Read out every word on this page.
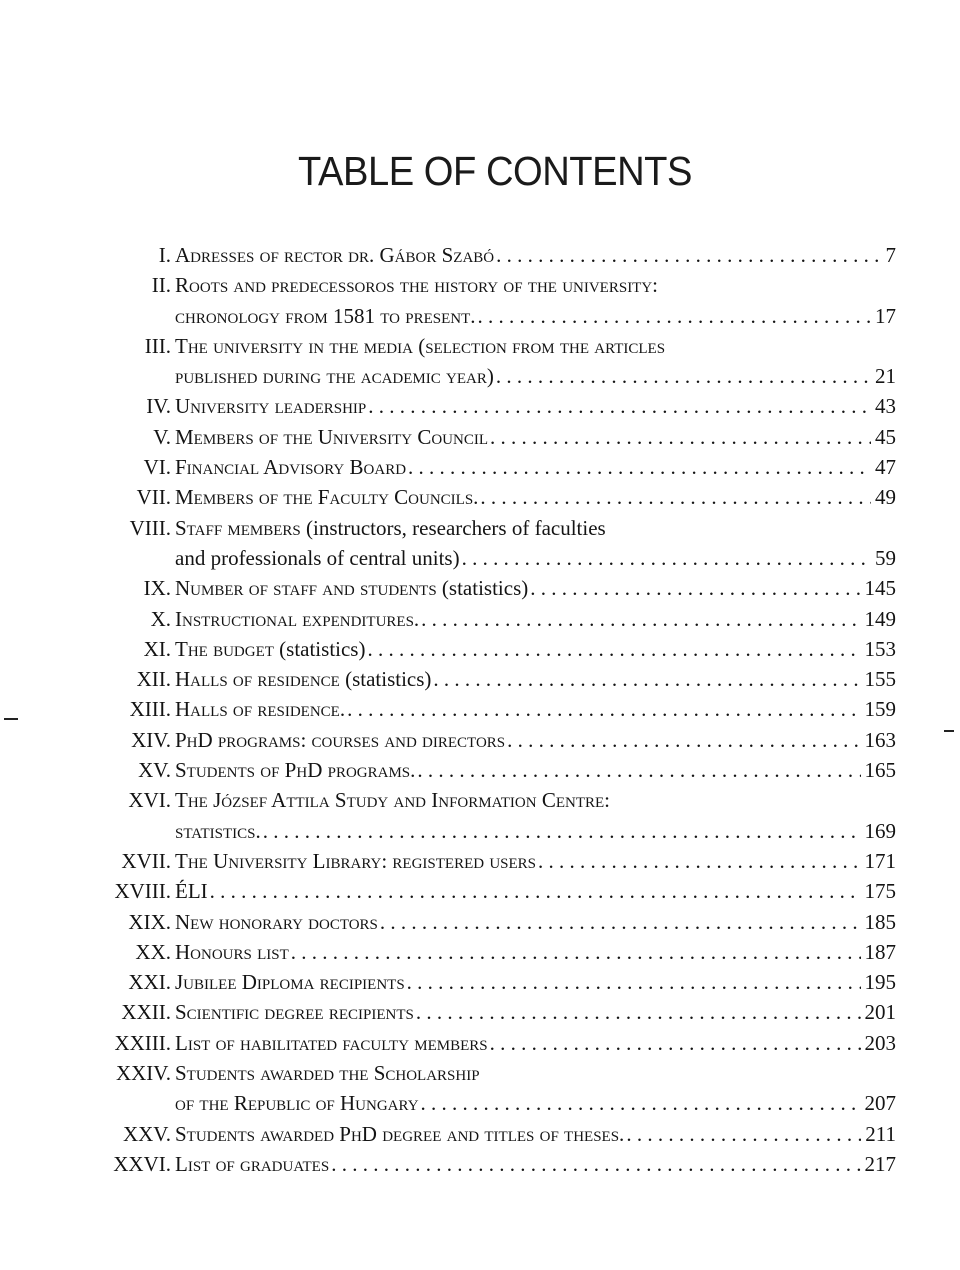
TABLE OF CONTENTS
I. Adresses of rector dr. Gábor Szabó . . .	7
II. Roots and predecessoros the history of the university:
chronology from 1581 to present. . . .	17
III. The university in the media (selection from the articles
published during the academic year) . . .	21
IV. University leadership . . .	43
V. Members of the University Council . . .	45
VI. Financial Advisory Board . . .	47
VII. Members of the Faculty Councils. . . .	49
VIII. Staff members (instructors, researchers of faculties
and professionals of central units) . . .	59
IX. Number of staff and students (statistics) . . .	145
X. Instructional expenditures. . . .	149
XI. The budget (statistics) . . .	153
XII. Halls of residence (statistics) . . .	155
XIII. Halls of residence. . . .	159
XIV. PhD programs: courses and directors . . .	163
XV. Students of PhD programs. . . .	165
XVI. The József Attila Study and Information Centre:
statistics. . . .	169
XVII. The University Library: registered users . . .	171
XVIII. ÉLI . . .	175
XIX. New honorary doctors . . .	185
XX. Honours list . . .	187
XXI. Jubilee Diploma recipients . . .	195
XXII. Scientific degree recipients . . .	201
XXIII. List of habilitated faculty members . . .	203
XXIV. Students awarded the Scholarship
of the Republic of Hungary . . .	207
XXV. Students awarded PhD degree and titles of theses. . . .	211
XXVI. List of graduates . . .	217
